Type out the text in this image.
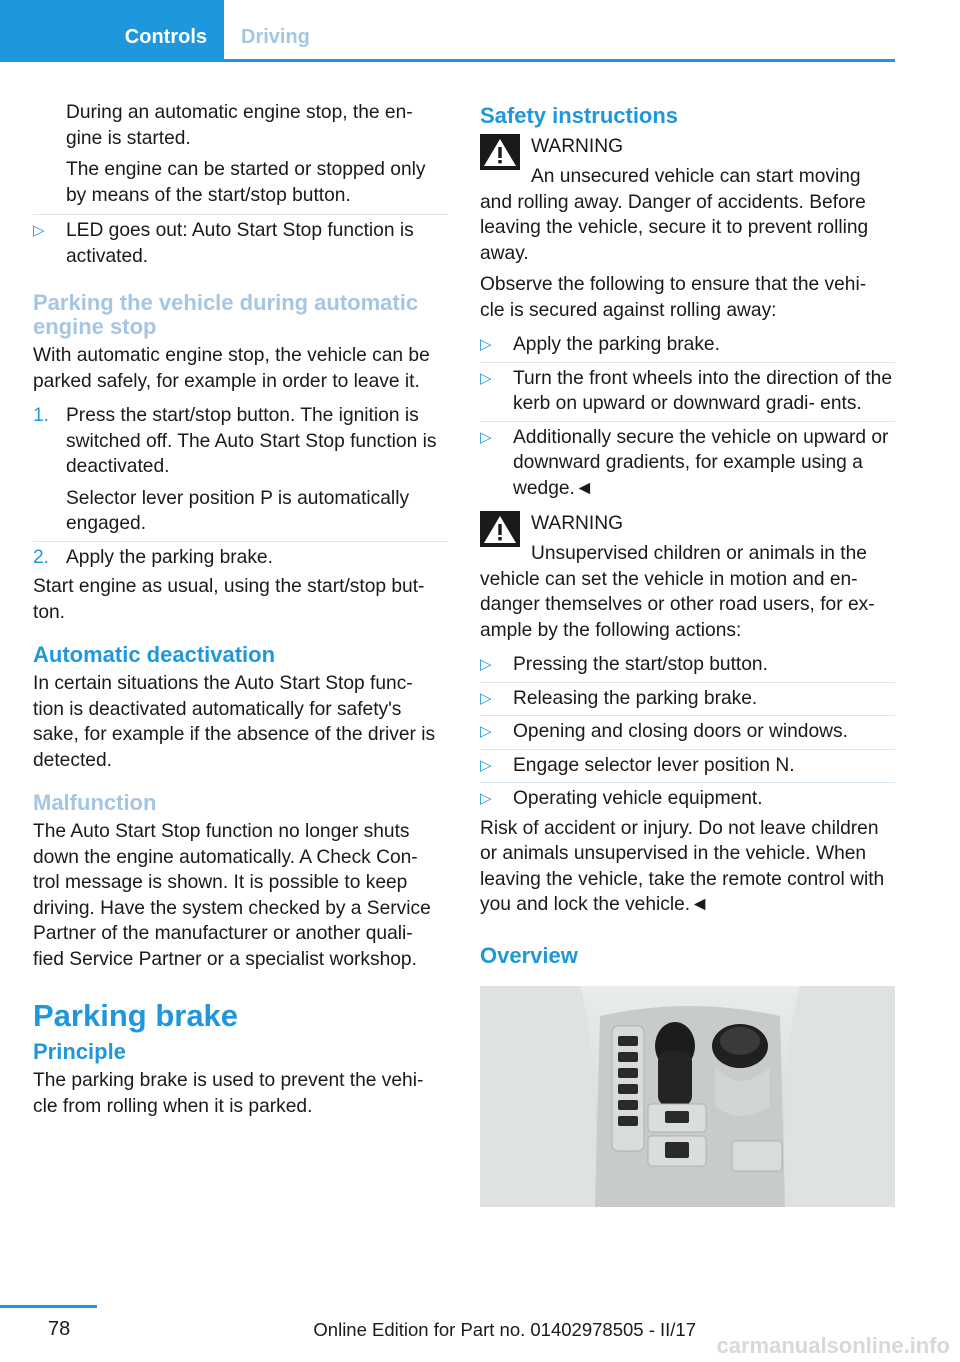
Controls Driving

During an automatic engine stop, the en‐ gine is started.

The engine can be started or stopped only by means of the start/stop button.

▷	LED goes out: Auto Start Stop function is activated.
Parking the vehicle during automatic engine stop

With automatic engine stop, the vehicle can be parked safely, for example in order to leave it.

1. Press the start/stop button. The ignition is switched off. The Auto Start Stop function is deactivated.
Selector lever position P is automatically engaged.
2. Apply the parking brake.

Start engine as usual, using the start/stop but‐ ton.

Automatic deactivation

In certain situations the Auto Start Stop func‐ tion is deactivated automatically for safety's sake, for example if the absence of the driver is detected.

Malfunction

The Auto Start Stop function no longer shuts down the engine automatically. A Check Con‐ trol message is shown. It is possible to keep driving. Have the system checked by a Service Partner of the manufacturer or another quali‐ fied Service Partner or a specialist workshop.

Parking brake
Principle

The parking brake is used to prevent the vehi‐ cle from rolling when it is parked.

Safety instructions
WARNING

An unsecured vehicle can start moving and rolling away. Danger of accidents. Before leaving the vehicle, secure it to prevent rolling away.

Observe the following to ensure that the vehi‐ cle is secured against rolling away:

▷	Apply the parking brake.
▷	Turn the front wheels into the direction of the kerb on upward or downward gradi‐ ents.
▷	Additionally secure the vehicle on upward or downward gradients, for example using a wedge.◄
WARNING

Unsupervised children or animals in the vehicle can set the vehicle in motion and en‐ danger themselves or other road users, for ex‐ ample by the following actions:

▷	Pressing the start/stop button.
▷	Releasing the parking brake.
▷	Opening and closing doors or windows.
▷	Engage selector lever position N.
▷	Operating vehicle equipment.

Risk of accident or injury. Do not leave children or animals unsupervised in the vehicle. When leaving the vehicle, take the remote control with you and lock the vehicle.◄

Overview
78	Online Edition for Part no. 01402978505 - II/17
carmanualsonline.info
